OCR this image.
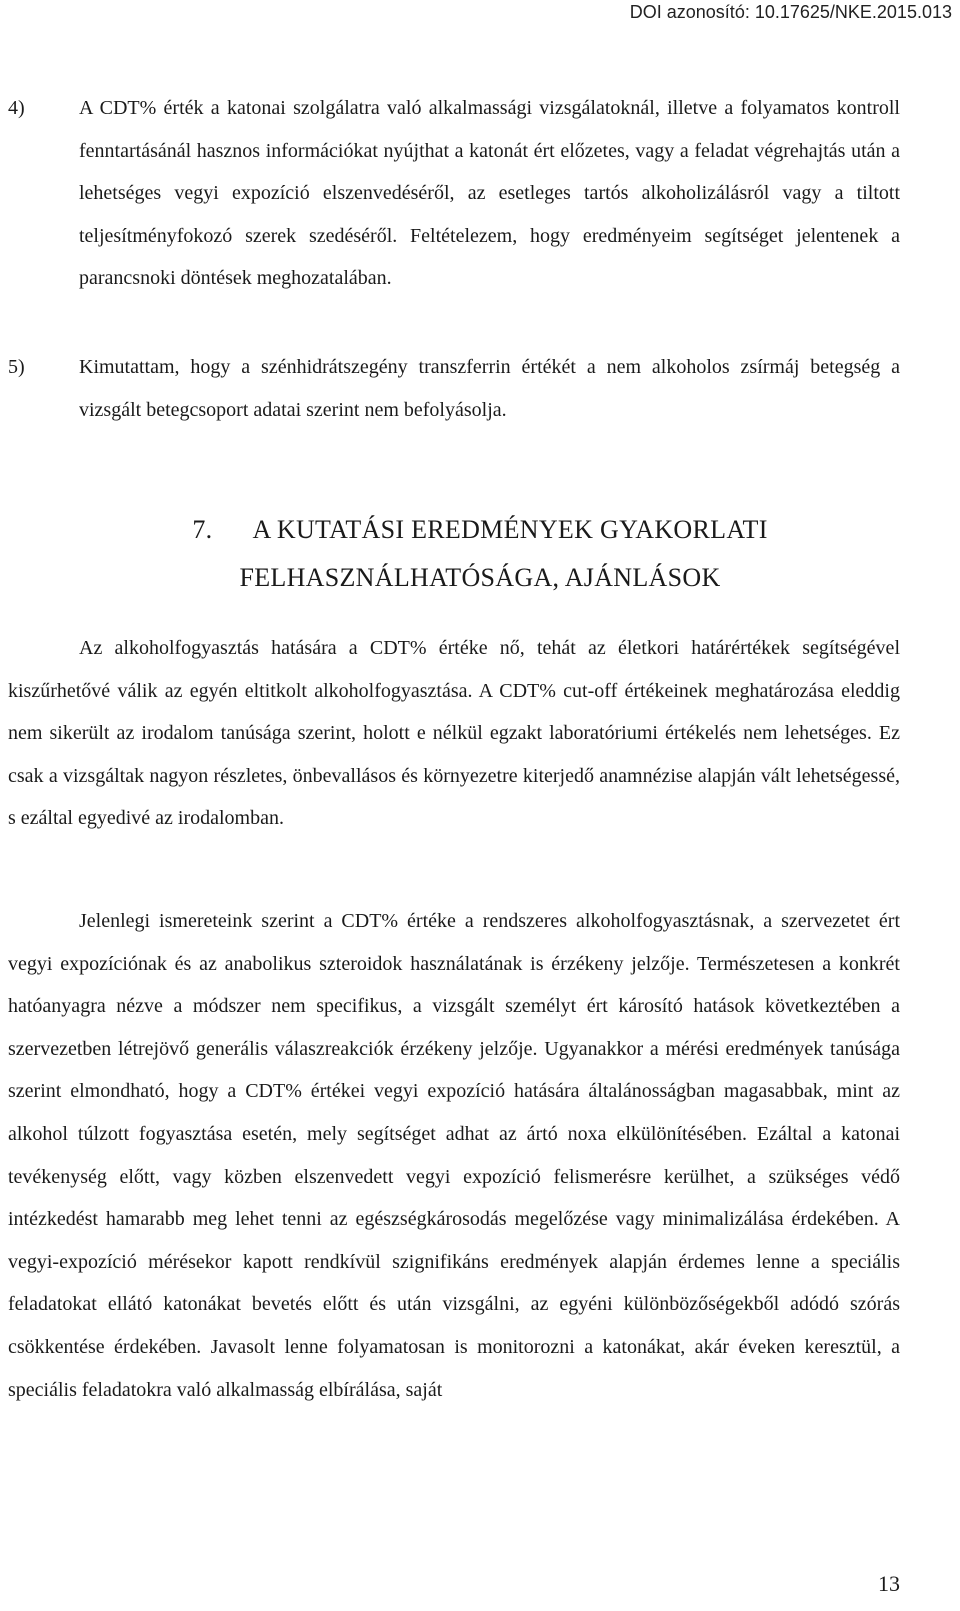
DOI azonosító: 10.17625/NKE.2015.013

4)	A CDT% érték a katonai szolgálatra való alkalmassági vizsgálatoknál, illetve a folyamatos kontroll fenntartásánál hasznos információkat nyújthat a katonát ért előzetes, vagy a feladat végrehajtás után a lehetséges vegyi expozíció elszenvedéséről, az esetleges tartós alkoholizálásról vagy a tiltott teljesítményfokozó szerek szedéséről. Feltételezem, hogy eredményeim segítséget jelentenek a parancsnoki döntések meghozatalában.

5)	Kimutattam, hogy a szénhidrátszegény transzferrin értékét a nem alkoholos zsírmáj betegség a vizsgált betegcsoport adatai szerint nem befolyásolja.

7. A KUTATÁSI EREDMÉNYEK GYAKORLATI
FELHASZNÁLHATÓSÁGA, AJÁNLÁSOK

Az alkoholfogyasztás hatására a CDT% értéke nő, tehát az életkori határértékek segítségével kiszűrhetővé válik az egyén eltitkolt alkoholfogyasztása. A CDT% cut-off értékeinek meghatározása eleddig nem sikerült az irodalom tanúsága szerint, holott e nélkül egzakt laboratóriumi értékelés nem lehetséges. Ez csak a vizsgáltak nagyon részletes, önbevallásos és környezetre kiterjedő anamnézise alapján vált lehetségessé, s ezáltal egyedivé az irodalomban.

Jelenlegi ismereteink szerint a CDT% értéke a rendszeres alkoholfogyasztásnak, a szervezetet ért vegyi expozíciónak és az anabolikus szteroidok használatának is érzékeny jelzője. Természetesen a konkrét hatóanyagra nézve a módszer nem specifikus, a vizsgált személyt ért károsító hatások következtében a szervezetben létrejövő generális válaszreakciók érzékeny jelzője. Ugyanakkor a mérési eredmények tanúsága szerint elmondható, hogy a CDT% értékei vegyi expozíció hatására általánosságban magasabbak, mint az alkohol túlzott fogyasztása esetén, mely segítséget adhat az ártó noxa elkülönítésében. Ezáltal a katonai tevékenység előtt, vagy közben elszenvedett vegyi expozíció felismerésre kerülhet, a szükséges védő intézkedést hamarabb meg lehet tenni az egészségkárosodás megelőzése vagy minimalizálása érdekében. A vegyi-expozíció mérésekor kapott rendkívül szignifikáns eredmények alapján érdemes lenne a speciális feladatokat ellátó katonákat bevetés előtt és után vizsgálni, az egyéni különbözőségekből adódó szórás csökkentése érdekében. Javasolt lenne folyamatosan is monitorozni a katonákat, akár éveken keresztül, a speciális feladatokra való alkalmasság elbírálása, saját

13
